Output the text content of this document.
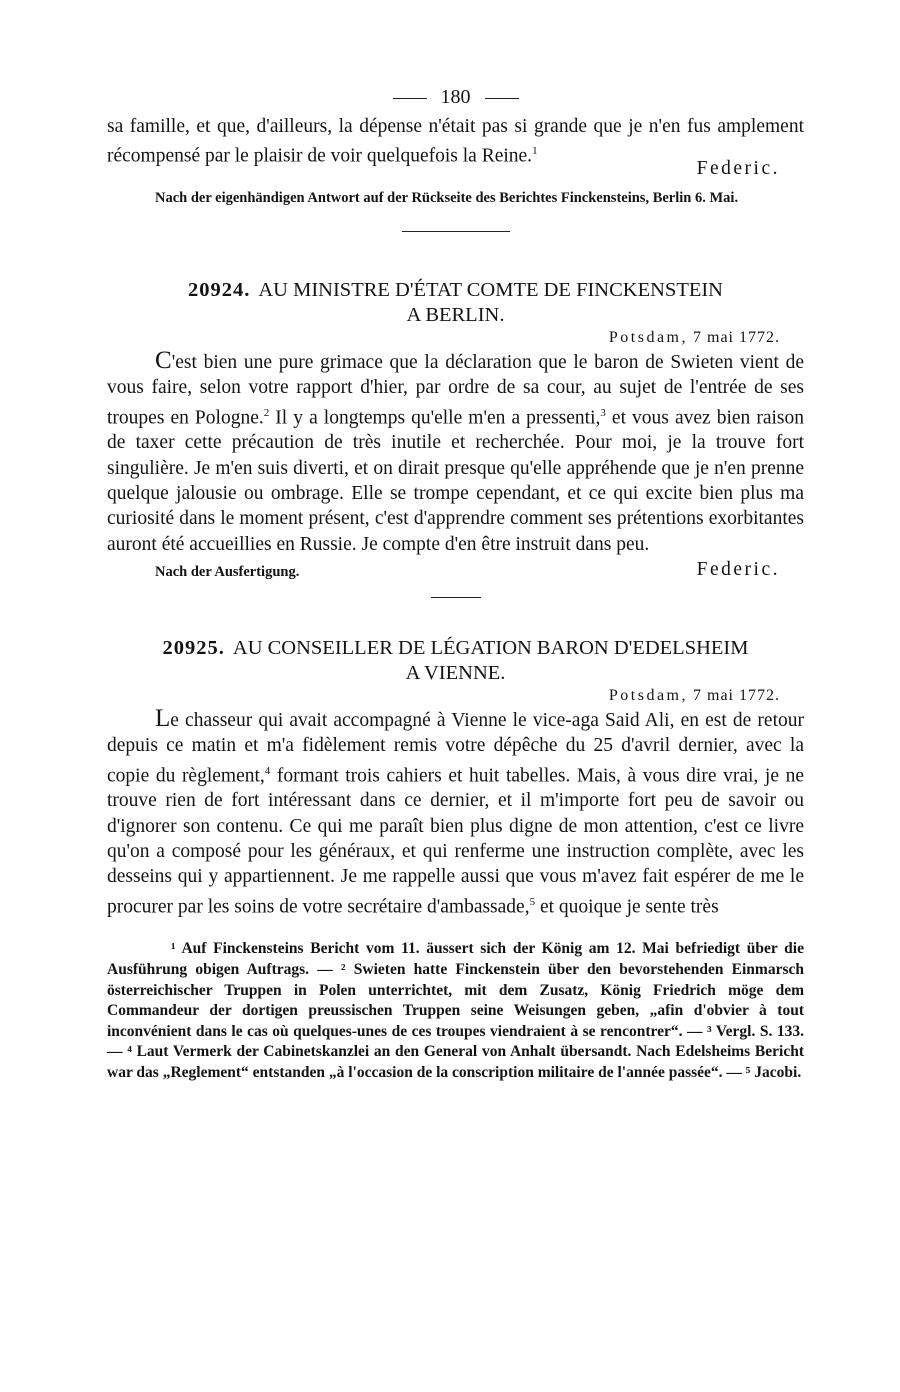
180

sa famille, et que, d'ailleurs, la dépense n'était pas si grande que je n'en fus amplement récompensé par le plaisir de voir quelquefois la Reine.$^1$

Federic.

Nach der eigenhändigen Antwort auf der Rückseite des Berichtes Finckensteins, Berlin 6. Mai.

20924. AU MINISTRE D'ÉTAT COMTE DE FINCKENSTEIN
A BERLIN.
Potsdam, 7 mai 1772.

C'est bien une pure grimace que la déclaration que le baron de Swieten vient de vous faire, selon votre rapport d'hier, par ordre de sa cour, au sujet de l'entrée de ses troupes en Pologne.$^2$ Il y a longtemps qu'elle m'en a pressenti,$^3$ et vous avez bien raison de taxer cette précaution de très inutile et recherchée. Pour moi, je la trouve fort singulière. Je m'en suis diverti, et on dirait presque qu'elle appréhende que je n'en prenne quelque jalousie ou ombrage. Elle se trompe cependant, et ce qui excite bien plus ma curiosité dans le moment présent, c'est d'apprendre comment ses prétentions exorbitantes auront été accueillies en Russie. Je compte d'en être instruit dans peu.

Nach der Ausfertigung.	Federic.
20925. AU CONSEILLER DE LÉGATION BARON D'EDELSHEIM
A VIENNE.
Potsdam, 7 mai 1772.

Le chasseur qui avait accompagné à Vienne le vice-aga Said Ali, en est de retour depuis ce matin et m'a fidèlement remis votre dépêche du 25 d'avril dernier, avec la copie du règlement,$^4$ formant trois cahiers et huit tabelles. Mais, à vous dire vrai, je ne trouve rien de fort intéressant dans ce dernier, et il m'importe fort peu de savoir ou d'ignorer son contenu. Ce qui me paraît bien plus digne de mon attention, c'est ce livre qu'on a composé pour les généraux, et qui renferme une instruction complète, avec les desseins qui y appartiennent. Je me rappelle aussi que vous m'avez fait espérer de me le procurer par les soins de votre secrétaire d'ambassade,$^5$ et quoique je sente très

¹ Auf Finckensteins Bericht vom 11. äussert sich der König am 12. Mai befriedigt über die Ausführung obigen Auftrags. — ² Swieten hatte Finckenstein über den bevorstehenden Einmarsch österreichischer Truppen in Polen unterrichtet, mit dem Zusatz, König Friedrich möge dem Commandeur der dortigen preussischen Truppen seine Weisungen geben, „afin d'obvier à tout inconvénient dans le cas où quelques-unes de ces troupes viendraient à se rencontrer“. — ³ Vergl. S. 133. — ⁴ Laut Vermerk der Cabinetskanzlei an den General von Anhalt übersandt. Nach Edelsheims Bericht war das „Reglement“ entstanden „à l'occasion de la conscription militaire de l'année passée“. — ⁵ Jacobi.
